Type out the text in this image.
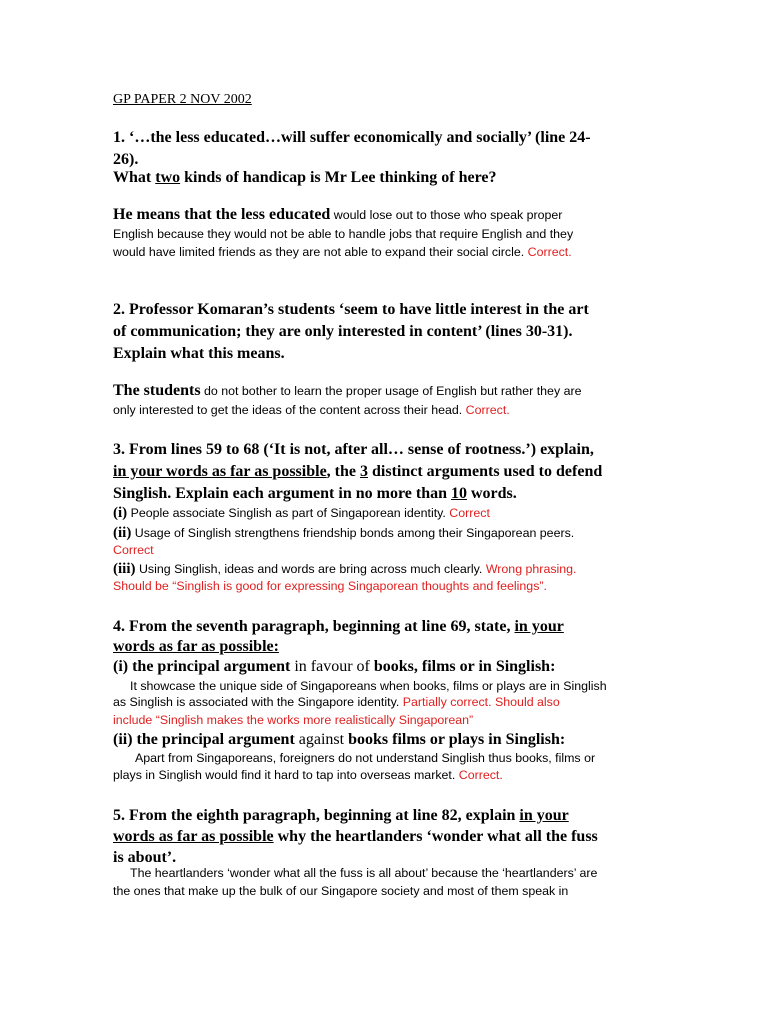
GP PAPER 2 NOV 2002
1. ‘…the less educated…will suffer economically and socially’ (line 24-
26).
What two kinds of handicap is Mr Lee thinking of here?
He means that the less educated would lose out to those who speak proper
English because they would not be able to handle jobs that require English and they
would have limited friends as they are not able to expand their social circle. Correct.
2. Professor Komaran’s students ‘seem to have little interest in the art
of communication; they are only interested in content’ (lines 30-31).
Explain what this means.
The students do not bother to learn the proper usage of English but rather they are
only interested to get the ideas of the content across their head. Correct.
3. From lines 59 to 68 (‘It is not, after all… sense of rootness.’) explain,
in your words as far as possible, the 3 distinct arguments used to defend
Singlish. Explain each argument in no more than 10 words.
(i) People associate Singlish as part of Singaporean identity. Correct
(ii) Usage of Singlish strengthens friendship bonds among their Singaporean peers.
Correct
(iii) Using Singlish, ideas and words are bring across much clearly. Wrong phrasing.
Should be “Singlish is good for expressing Singaporean thoughts and feelings”.
4. From the seventh paragraph, beginning at line 69, state, in your
words as far as possible:
(i) the principal argument in favour of books, films or in Singlish:
It showcase the unique side of Singaporeans when books, films or plays are in Singlish
as Singlish is associated with the Singapore identity. Partially correct. Should also
include “Singlish makes the works more realistically Singaporean”
(ii) the principal argument against books films or plays in Singlish:
Apart from Singaporeans, foreigners do not understand Singlish thus books, films or
plays in Singlish would find it hard to tap into overseas market. Correct.
5. From the eighth paragraph, beginning at line 82, explain in your
words as far as possible why the heartlanders ‘wonder what all the fuss
is about’.
The heartlanders ‘wonder what all the fuss is all about’ because the ‘heartlanders’ are
the ones that make up the bulk of our Singapore society and most of them speak in
